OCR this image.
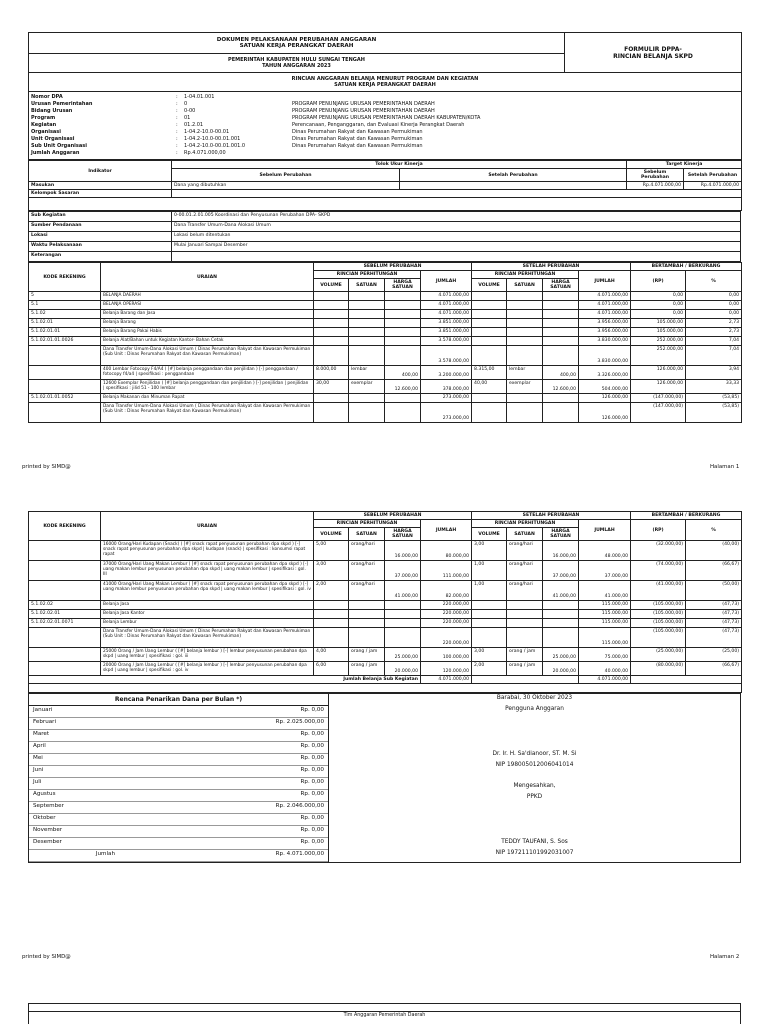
DOKUMEN PELAKSANAAN PERUBAHAN ANGGARAN
SATUAN KERJA PERANGKAT DAERAH	FORMULIR DPPA-
RINCIAN BELANJA SKPD

PEMERINTAH KABUPATEN HULU SUNGAI TENGAH
TAHUN ANGGARAN 2023

RINCIAN ANGGARAN BELANJA MENURUT PROGRAM DAN KEGIATAN
SATUAN KERJA PERANGKAT DAERAH

Nomor DPA	:	1-04.01.001	
Urusan Pemerintahan	:	0	PROGRAM PENUNJANG URUSAN PEMERINTAHAN DAERAH
Bidang Urusan	:	0-00	PROGRAM PENUNJANG URUSAN PEMERINTAHAN DAERAH
Program	:	01	PROGRAM PENUNJANG URUSAN PEMERINTAHAN DAERAH KABUPATEN/KOTA
Kegiatan	:	01.2.01	Perencanaan, Penganggaran, dan Evaluasi Kinerja Perangkat Daerah
Organisasi	:	1-04.2-10.0-00.01	Dinas Perumahan Rakyat dan Kawasan Permukiman
Unit Organisasi	:	1-04.2-10.0-00.01.001	Dinas Perumahan Rakyat dan Kawasan Permukiman
Sub Unit Organisasi	:	1-04.2-10.0-00.01.001.0	Dinas Perumahan Rakyat dan Kawasan Permukiman
Jumlah Anggaran	:	Rp.4.071.000,00	
Indikator	Tolok Ukur Kinerja		Target Kinerja	
	Sebelum Perubahan	Setelah Perubahan	Sebelum Perubahan	Setelah Perubahan
Masukan	Dana yang dibutuhkan		Rp.4.071.000,00	Rp.4.071.000,00
Kelompok Sasaran				

Sub Kegiatan	0-00.01.2.01.005 Koordinasi dan Penyusunan Perubahan DPA- SKPD
Sumber Pendanaan	Dana Transfer Umum-Dana Alokasi Umum
Lokasi	Lokasi belum ditentukan
Waktu Pelaksanaan	Mulai Januari Sampai Desember
Keterangan	
KODE REKENING	URAIAN	SEBELUM PERUBAHAN				SETELAH PERUBAHAN				BERTAMBAH / BERKURANG	
		RINCIAN PERHITUNGAN			JUMLAH	RINCIAN PERHITUNGAN			JUMLAH	(RP)	%
		VOLUME	SATUAN	HARGA SATUAN		VOLUME	SATUAN	HARGA SATUAN			
5	BELANJA DAERAH				4.071.000,00				4.071.000,00	0,00	0,00
5.1	BELANJA OPERASI				4.071.000,00				4.071.000,00	0,00	0,00
5.1.02	Belanja Barang dan Jasa				4.071.000,00				4.071.000,00	0,00	0,00
5.1.02.01	Belanja Barang				3.851.000,00				3.956.000,00	105.000,00	2,73
5.1.02.01.01	Belanja Barang Pakai Habis				3.851.000,00				3.956.000,00	105.000,00	2,73
5.1.02.01.01.0026	Belanja Alat/Bahan untuk Kegiatan Kantor- Bahan Cetak				3.578.000,00				3.830.000,00	252.000,00	7,04
	Dana Transfer Umum-Dana Alokasi Umum ( Dinas Perumahan Rakyat dan Kawasan Permukiman (Sub Unit : Dinas Perumahan Rakyat dan Kawasan Permukiman)				3.578.000,00				3.830.000,00	252.000,00	7,04
	400 Lembar Fotocopy F4/A4 ( [#] belanja penggandaan dan penjilidan ) [-] penggandaan / fotocopy f4/a4 | spesifikasi : penggandaan	8.000,00	lembar	400,00	3.200.000,00	8.315,00	lembar	400,00	3.326.000,00	126.000,00	3,94
	12600 Exemplar Penjilidan ( [#] belanja penggandaan dan penjilidan ) [-] penjilidan | penjilidan | spesifikasi : jilid 51 - 100 lembar	30,00	exemplar	12.600,00	378.000,00	40,00	exemplar	12.600,00	504.000,00	126.000,00	33,33
5.1.02.01.01.0052	Belanja Makanan dan Minuman Rapat				273.000,00				126.000,00	(147.000,00)	(53,85)
	Dana Transfer Umum-Dana Alokasi Umum ( Dinas Perumahan Rakyat dan Kawasan Permukiman (Sub Unit : Dinas Perumahan Rakyat dan Kawasan Permukiman)				273.000,00				126.000,00	(147.000,00)	(53,85)
printed by SIMD@	Halaman 1
KODE REKENING	URAIAN	SEBELUM PERUBAHAN				SETELAH PERUBAHAN				BERTAMBAH / BERKURANG	
		RINCIAN PERHITUNGAN			JUMLAH	RINCIAN PERHITUNGAN			JUMLAH	(RP)	%
		VOLUME	SATUAN	HARGA SATUAN		VOLUME	SATUAN	HARGA SATUAN			
	16000 Orang/Hari Kudapan (Snack) ( [#] snack rapat penyusunan perubahan dpa skpd ) [-] snack rapat penyusunan perubahan dpa skpd | kudapan (snack) | spesifikasi : konsumsi rapat rapat	5,00	orang/hari	16.000,00	80.000,00	3,00	orang/hari	16.000,00	48.000,00	(32.000,00)	(40,00)
	37000 Orang/Hari Uang Makan Lembur ( [#] snack rapat penyusunan perubahan dpa skpd ) [-] uang makan lembur penyusunan perubahan dpa skpd | uang makan lembur | spesifikasi : gol. III	3,00	orang/hari	37.000,00	111.000,00	1,00	orang/hari	37.000,00	37.000,00	(74.000,00)	(66,67)
	41000 Orang/Hari Uang Makan Lembur ( [#] snack rapat penyusunan perubahan dpa skpd ) [-] uang makan lembur penyusunan perubahan dpa skpd | uang makan lembur | spesifikasi : gol. iv	2,00	orang/hari	41.000,00	82.000,00	1,00	orang/hari	41.000,00	41.000,00	(41.000,00)	(50,00)
5.1.02.02	Belanja Jasa				220.000,00				115.000,00	(105.000,00)	(47,73)
5.1.02.02.01	Belanja Jasa Kantor				220.000,00				115.000,00	(105.000,00)	(47,73)
5.1.02.02.01.0071	Belanja Lembur				220.000,00				115.000,00	(105.000,00)	(47,73)
	Dana Transfer Umum-Dana Alokasi Umum ( Dinas Perumahan Rakyat dan Kawasan Permukiman (Sub Unit : Dinas Perumahan Rakyat dan Kawasan Permukiman)				220.000,00				115.000,00	(105.000,00)	(47,73)
	25000 Orang / Jam Uang Lembur ( [#] belanja lembur ) [-] lembur penyusunan perubahan dpa skpd | uang lembur | spesifikasi : gol. iii	4,00	orang / jam	25.000,00	100.000,00	3,00	orang / jam	25.000,00	75.000,00	(25.000,00)	(25,00)
	20000 Orang / Jam Uang Lembur ( [#] belanja lembur ) [-] lembur penyusunan perubahan dpa skpd | uang lembur | spesifikasi : gol. iv	6,00	orang / jam	20.000,00	120.000,00	2,00	orang / jam	20.000,00	40.000,00	(80.000,00)	(66,67)
Jumlah Belanja Sub Kegiatan					4.071.000,00				4.071.000,00		

Rencana Penarikan Dana per Bulan *)
Januari	Rp. 0,00
Februari	Rp. 2.025.000,00
Maret	Rp. 0,00
April	Rp. 0,00
Mei	Rp. 0,00
Juni	Rp. 0,00
Juli	Rp. 0,00
Agustus	Rp. 0,00
September	Rp. 2.046.000,00
Oktober	Rp. 0,00
November	Rp. 0,00
Desember	Rp. 0,00
Jumlah	Rp. 4.071.000,00

Barabai, 30 Oktober 2023
Pengguna Anggaran

Dr. Ir. H. Sa'dianoor, ST. M. Si
NIP 198005012006041014

Mengesahkan,
PPKD

TEDDY TAUFANI, S. Sos
NIP 197211101992031007
printed by SIMD@	Halaman 2
Tim Anggaran Pemerintah Daerah
